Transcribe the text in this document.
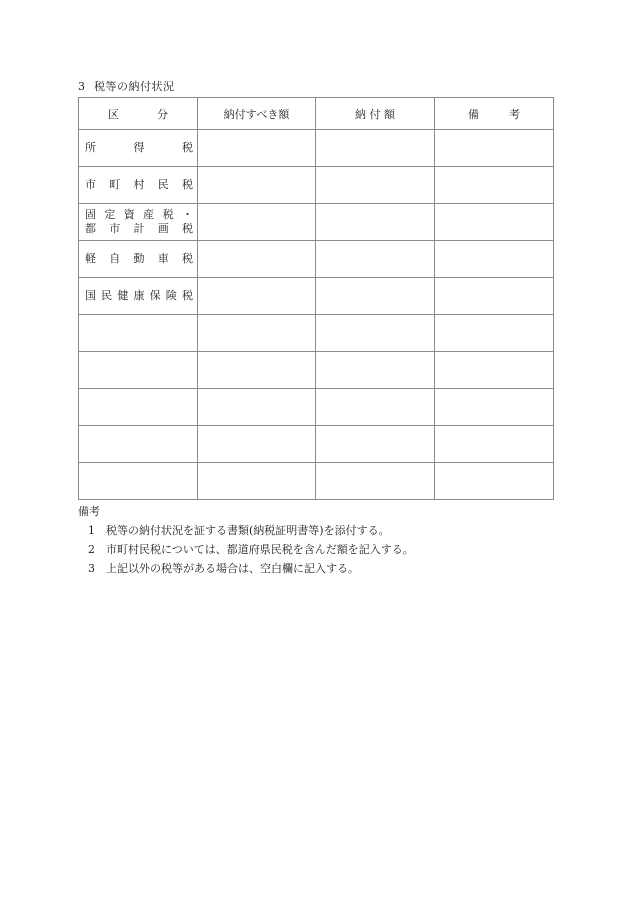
3 税等の納付状況
区 分	納付すべき額	納 付 額	備 考

所 得 税			

市 町 村 民 税			

固 定 資 産 税 ・
都 市 計 画 税

軽 自 動 車 税			

国 民 健 康 保 険 税

備考
1 税等の納付状況を証する書類(納税証明書等)を添付する。
2 市町村民税については、都道府県民税を含んだ額を記入する。
3 上記以外の税等がある場合は、空白欄に記入する。
